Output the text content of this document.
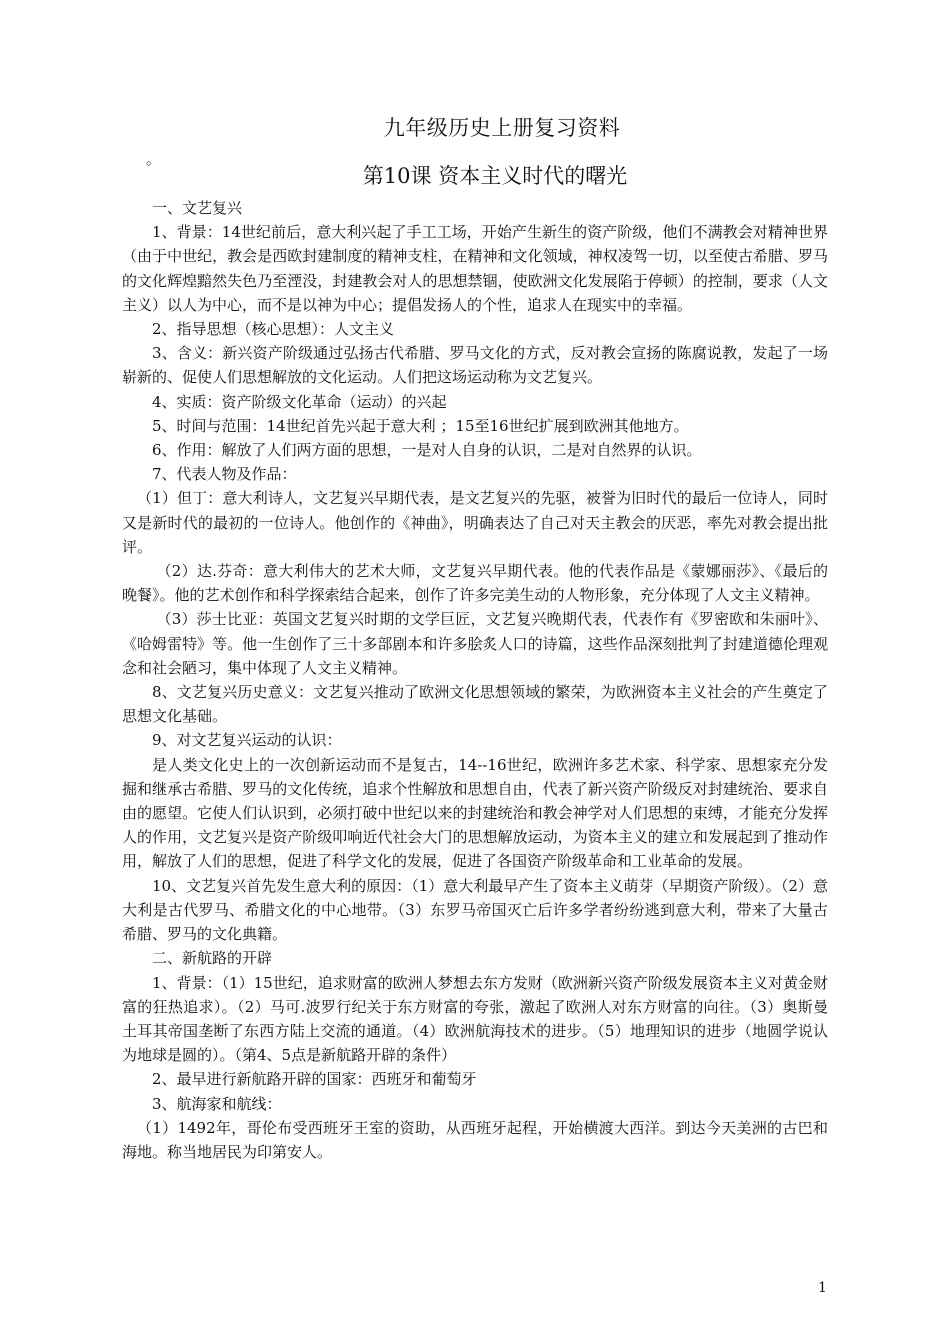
九年级历史上册复习资料
。
第10课 资本主义时代的曙光

一、文艺复兴

1、背景：14世纪前后，意大利兴起了手工工场，开始产生新生的资产阶级，他们不满教会对精神世界（由于中世纪，教会是西欧封建制度的精神支柱，在精神和文化领域，神权凌驾一切，以至使古希腊、罗马的文化辉煌黯然失色乃至湮没，封建教会对人的思想禁锢，使欧洲文化发展陷于停顿）的控制，要求（人文主义）以人为中心，而不是以神为中心；提倡发扬人的个性，追求人在现实中的幸福。

2、指导思想（核心思想）：人文主义

3、含义：新兴资产阶级通过弘扬古代希腊、罗马文化的方式，反对教会宣扬的陈腐说教，发起了一场崭新的、促使人们思想解放的文化运动。人们把这场运动称为文艺复兴。

4、实质：资产阶级文化革命（运动）的兴起

5、时间与范围：14世纪首先兴起于意大利 ；15至16世纪扩展到欧洲其他地方。

6、作用：解放了人们两方面的思想，一是对人自身的认识，二是对自然界的认识。

7、代表人物及作品：

（1）但丁：意大利诗人，文艺复兴早期代表，是文艺复兴的先驱，被誉为旧时代的最后一位诗人，同时又是新时代的最初的一位诗人。他创作的《神曲》，明确表达了自己对天主教会的厌恶，率先对教会提出批评。

（2）达.芬奇：意大利伟大的艺术大师，文艺复兴早期代表。他的代表作品是《蒙娜丽莎》、《最后的晚餐》。他的艺术创作和科学探索结合起来，创作了许多完美生动的人物形象，充分体现了人文主义精神。

（3）莎士比亚：英国文艺复兴时期的文学巨匠，文艺复兴晚期代表，代表作有《罗密欧和朱丽叶》、《哈姆雷特》等。他一生创作了三十多部剧本和许多脍炙人口的诗篇，这些作品深刻批判了封建道德伦理观念和社会陋习，集中体现了人文主义精神。

8、文艺复兴历史意义：文艺复兴推动了欧洲文化思想领域的繁荣，为欧洲资本主义社会的产生奠定了思想文化基础。

9、对文艺复兴运动的认识：

是人类文化史上的一次创新运动而不是复古，14--16世纪，欧洲许多艺术家、科学家、思想家充分发掘和继承古希腊、罗马的文化传统，追求个性解放和思想自由，代表了新兴资产阶级反对封建统治、要求自由的愿望。它使人们认识到，必须打破中世纪以来的封建统治和教会神学对人们思想的束缚，才能充分发挥人的作用，文艺复兴是资产阶级叩响近代社会大门的思想解放运动，为资本主义的建立和发展起到了推动作用，解放了人们的思想，促进了科学文化的发展，促进了各国资产阶级革命和工业革命的发展。

10、文艺复兴首先发生意大利的原因：（1）意大利最早产生了资本主义萌芽（早期资产阶级）。（2）意大利是古代罗马、希腊文化的中心地带。（3）东罗马帝国灭亡后许多学者纷纷逃到意大利，带来了大量古希腊、罗马的文化典籍。

二、新航路的开辟

1、背景：（1）15世纪，追求财富的欧洲人梦想去东方发财（欧洲新兴资产阶级发展资本主义对黄金财富的狂热追求）。（2）马可.波罗行纪关于东方财富的夸张，激起了欧洲人对东方财富的向往。（3）奥斯曼土耳其帝国垄断了东西方陆上交流的通道。（4）欧洲航海技术的进步。（5）地理知识的进步（地圆学说认为地球是圆的）。（第4、5点是新航路开辟的条件）

2、最早进行新航路开辟的国家：西班牙和葡萄牙

3、航海家和航线：

（1）1492年，哥伦布受西班牙王室的资助，从西班牙起程，开始横渡大西洋。到达今天美洲的古巴和海地。称当地居民为印第安人。

1
